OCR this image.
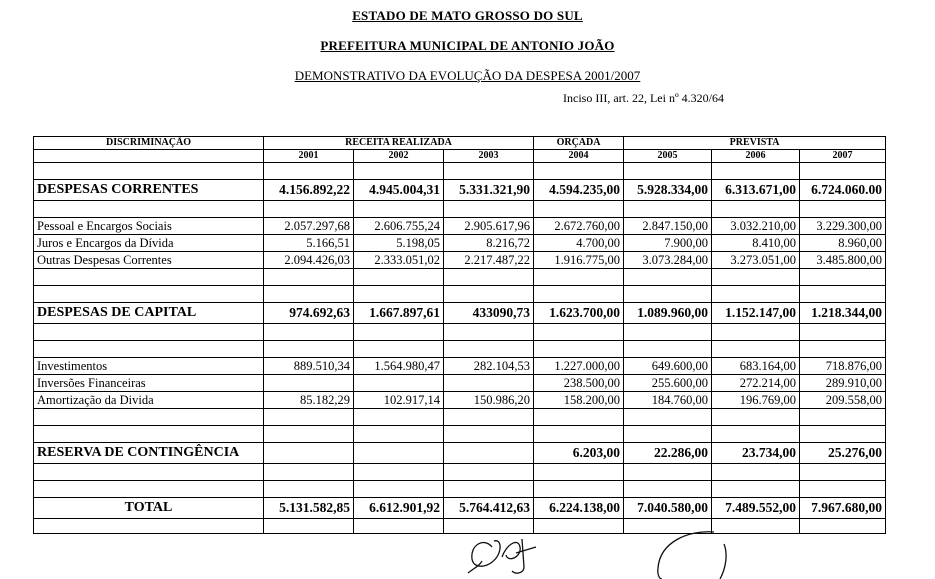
ESTADO DE MATO GROSSO DO SUL
PREFEITURA MUNICIPAL DE ANTONIO JOÃO
DEMONSTRATIVO DA EVOLUÇÃO DA DESPESA 2001/2007
Inciso III, art. 22, Lei nº 4.320/64
DISCRIMINAÇÃO	RECEITA REALIZADA			ORÇADA	PREVISTA		
	2001	2002	2003	2004	2005	2006	2007

DESPESAS CORRENTES	4.156.892,22	4.945.004,31	5.331.321,90	4.594.235,00	5.928.334,00	6.313.671,00	6.724.060.00

Pessoal e Encargos Sociais	2.057.297,68	2.606.755,24	2.905.617,96	2.672.760,00	2.847.150,00	3.032.210,00	3.229.300,00
Juros e Encargos da Dívida	5.166,51	5.198,05	8.216,72	4.700,00	7.900,00	8.410,00	8.960,00
Outras Despesas Correntes	2.094.426,03	2.333.051,02	2.217.487,22	1.916.775,00	3.073.284,00	3.273.051,00	3.485.800,00

DESPESAS DE CAPITAL	974.692,63	1.667.897,61	433090,73	1.623.700,00	1.089.960,00	1.152.147,00	1.218.344,00

Investimentos	889.510,34	1.564.980,47	282.104,53	1.227.000,00	649.600,00	683.164,00	718.876,00
Inversões Financeiras				238.500,00	255.600,00	272.214,00	289.910,00
Amortização da Divida	85.182,29	102.917,14	150.986,20	158.200,00	184.760,00	196.769,00	209.558,00

RESERVA DE CONTINGÊNCIA				6.203,00	22.286,00	23.734,00	25.276,00

TOTAL	5.131.582,85	6.612.901,92	5.764.412,63	6.224.138,00	7.040.580,00	7.489.552,00	7.967.680,00
